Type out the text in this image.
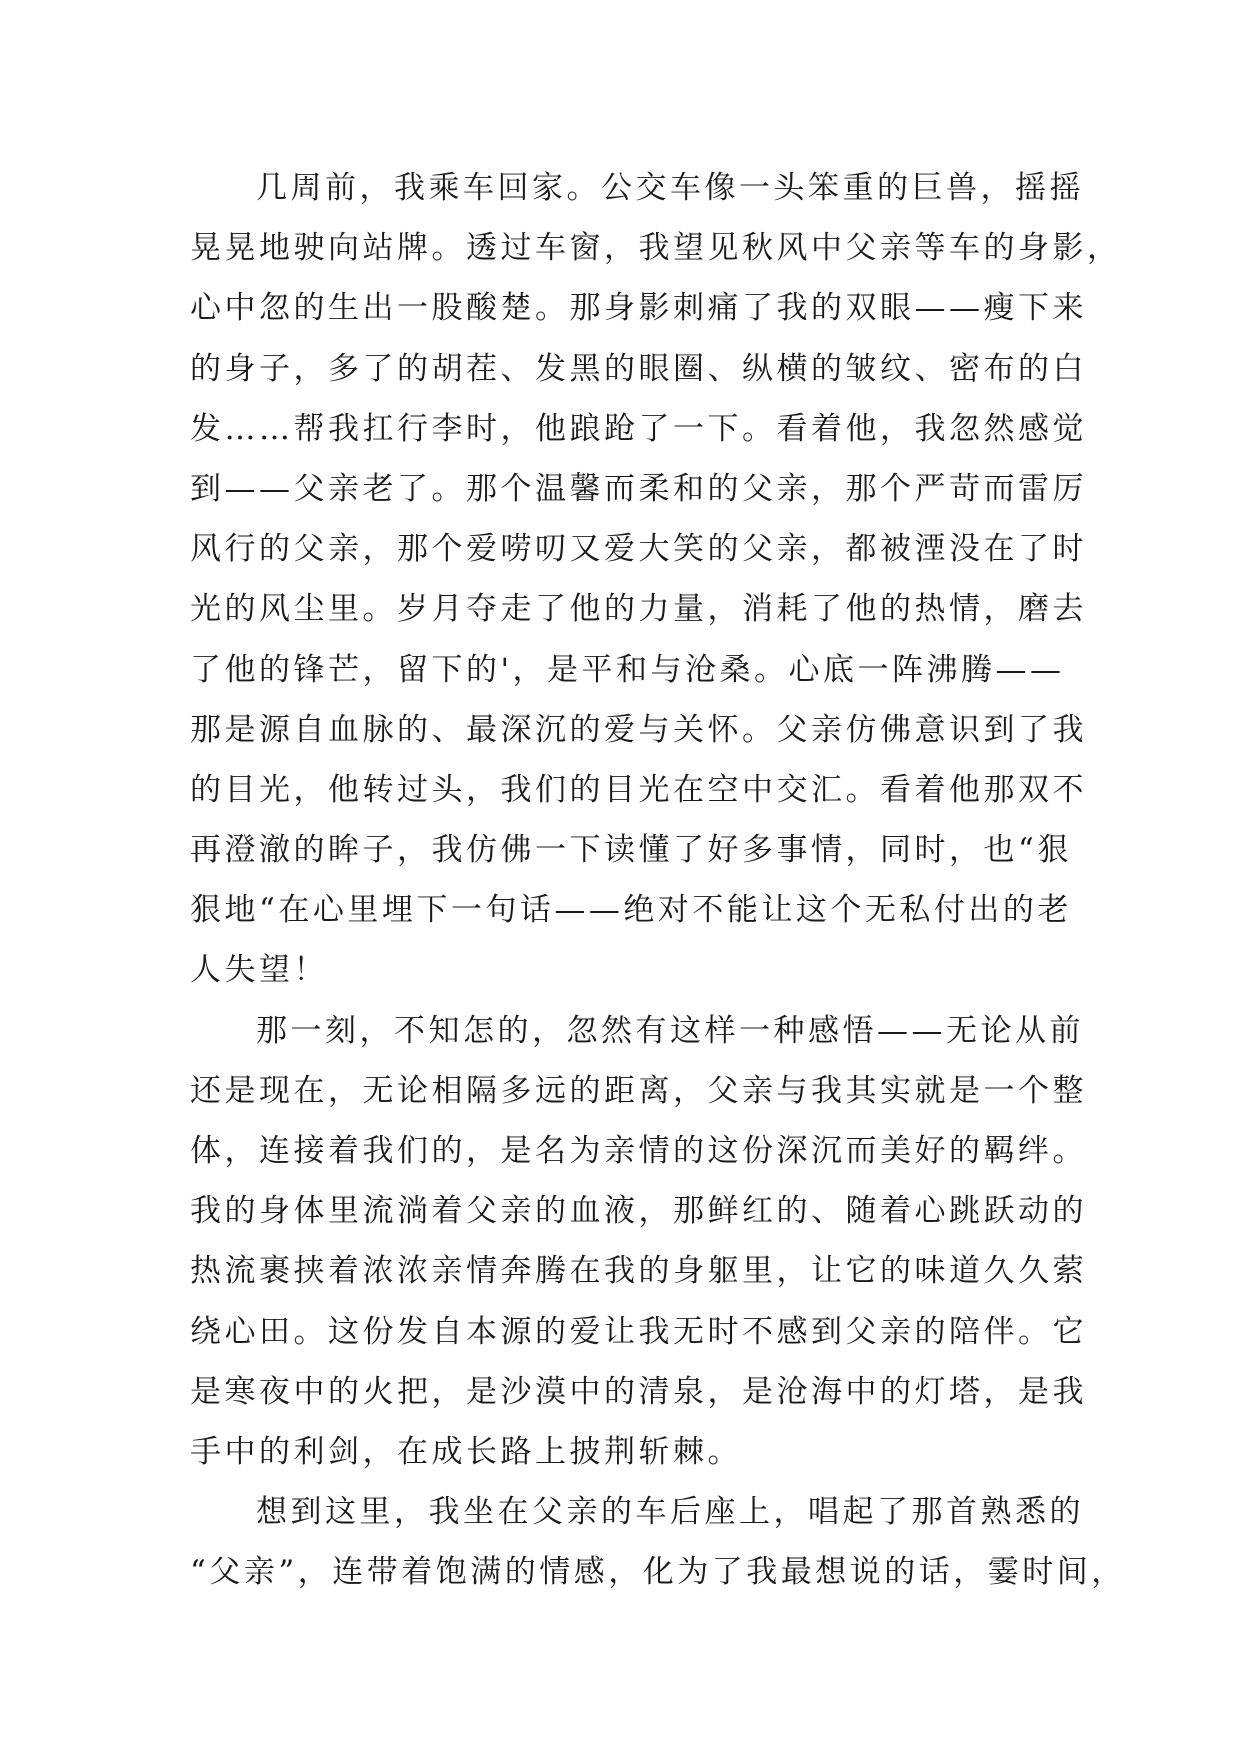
几周前，我乘车回家。公交车像一头笨重的巨兽，摇摇
晃晃地驶向站牌。透过车窗，我望见秋风中父亲等车的身影，
心中忽的生出一股酸楚。那身影刺痛了我的双眼——瘦下来
的身子，多了的胡茬、发黑的眼圈、纵横的皱纹、密布的白
发……帮我扛行李时，他踉跄了一下。看着他，我忽然感觉
到——父亲老了。那个温馨而柔和的父亲，那个严苛而雷厉
风行的父亲，那个爱唠叨又爱大笑的父亲，都被湮没在了时
光的风尘里。岁月夺走了他的力量，消耗了他的热情，磨去
了他的锋芒，留下的'，是平和与沧桑。心底一阵沸腾——
那是源自血脉的、最深沉的爱与关怀。父亲仿佛意识到了我
的目光，他转过头，我们的目光在空中交汇。看着他那双不
再澄澈的眸子，我仿佛一下读懂了好多事情，同时，也“狠
狠地“在心里埋下一句话——绝对不能让这个无私付出的老
人失望！
那一刻，不知怎的，忽然有这样一种感悟——无论从前
还是现在，无论相隔多远的距离，父亲与我其实就是一个整
体，连接着我们的，是名为亲情的这份深沉而美好的羁绊。
我的身体里流淌着父亲的血液，那鲜红的、随着心跳跃动的
热流裹挟着浓浓亲情奔腾在我的身躯里，让它的味道久久萦
绕心田。这份发自本源的爱让我无时不感到父亲的陪伴。它
是寒夜中的火把，是沙漠中的清泉，是沧海中的灯塔，是我
手中的利剑，在成长路上披荆斩棘。
想到这里，我坐在父亲的车后座上，唱起了那首熟悉的
“父亲”，连带着饱满的情感，化为了我最想说的话，霎时间，
